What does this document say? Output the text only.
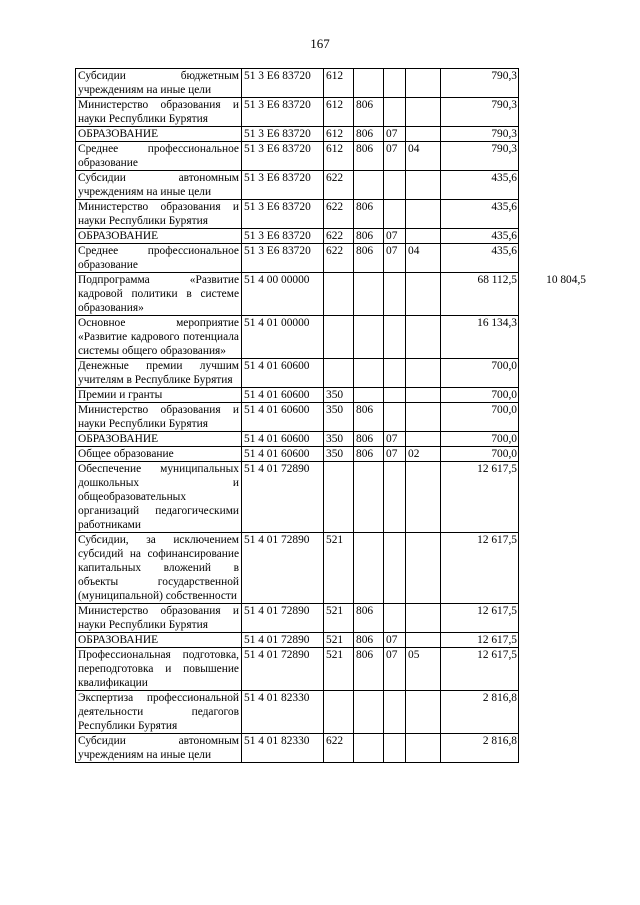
167
Субсидии бюджетным учреждениям на иные цели	51 3 Е6 83720	612				790,3	
Министерство образования и науки Республики Бурятия	51 3 Е6 83720	612	806			790,3	
ОБРАЗОВАНИЕ	51 3 Е6 83720	612	806	07		790,3	
Среднее профессиональное образование	51 3 Е6 83720	612	806	07	04	790,3	
Субсидии автономным учреждениям на иные цели	51 3 Е6 83720	622				435,6	
Министерство образования и науки Республики Бурятия	51 3 Е6 83720	622	806			435,6	
ОБРАЗОВАНИЕ	51 3 Е6 83720	622	806	07		435,6	
Среднее профессиональное образование	51 3 Е6 83720	622	806	07	04	435,6	
Подпрограмма «Развитие кадровой политики в системе образования»	51 4 00 00000					68 112,5	10 804,5
Основное мероприятие «Развитие кадрового потенциала системы общего образования»	51 4 01 00000					16 134,3	
Денежные премии лучшим учителям в Республике Бурятия	51 4 01 60600					700,0	
Премии и гранты	51 4 01 60600	350				700,0	
Министерство образования и науки Республики Бурятия	51 4 01 60600	350	806			700,0	
ОБРАЗОВАНИЕ	51 4 01 60600	350	806	07		700,0	
Общее образование	51 4 01 60600	350	806	07	02	700,0	
Обеспечение муниципальных дошкольных и общеобразовательных организаций педагогическими работниками	51 4 01 72890					12 617,5	
Субсидии, за исключением субсидий на софинансирование капитальных вложений в объекты государственной (муниципальной) собственности	51 4 01 72890	521				12 617,5	
Министерство образования и науки Республики Бурятия	51 4 01 72890	521	806			12 617,5	
ОБРАЗОВАНИЕ	51 4 01 72890	521	806	07		12 617,5	
Профессиональная подготовка, переподготовка и повышение квалификации	51 4 01 72890	521	806	07	05	12 617,5	
Экспертиза профессиональной деятельности педагогов Республики Бурятия	51 4 01 82330					2 816,8	
Субсидии автономным учреждениям на иные цели	51 4 01 82330	622				2 816,8	
